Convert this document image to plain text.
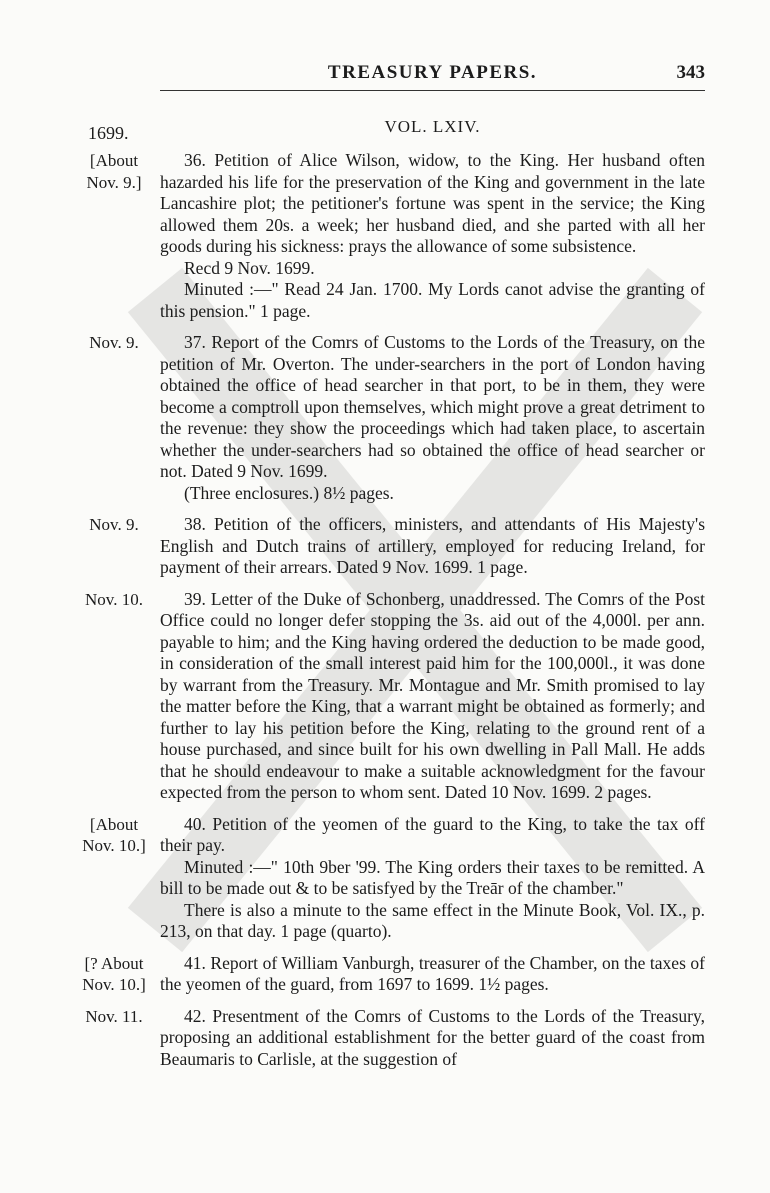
TREASURY PAPERS.	343
1699.	VOL. LXIV.
[About
Nov. 9.]

36. Petition of Alice Wilson, widow, to the King. Her husband often hazarded his life for the preservation of the King and government in the late Lancashire plot; the petitioner's fortune was spent in the service; the King allowed them 20s. a week; her husband died, and she parted with all her goods during his sickness: prays the allowance of some subsistence.

Recd 9 Nov. 1699.

Minuted :—" Read 24 Jan. 1700. My Lords canot advise the granting of this pension." 1 page.

Nov. 9.	37. Report of the Comrs of Customs to the Lords of the Treasury, on the petition of Mr. Overton. The under-searchers in the port of London having obtained the office of head searcher in that port, to be in them, they were become a comptroll upon themselves, which might prove a great detriment to the revenue: they show the proceedings which had taken place, to ascertain whether the under-searchers had so obtained the office of head searcher or not. Dated 9 Nov. 1699.

(Three enclosures.) 8½ pages.

Nov. 9.	38. Petition of the officers, ministers, and attendants of His Majesty's English and Dutch trains of artillery, employed for reducing Ireland, for payment of their arrears. Dated 9 Nov. 1699. 1 page.

Nov. 10.	39. Letter of the Duke of Schonberg, unaddressed. The Comrs of the Post Office could no longer defer stopping the 3s. aid out of the 4,000l. per ann. payable to him; and the King having ordered the deduction to be made good, in consideration of the small interest paid him for the 100,000l., it was done by warrant from the Treasury. Mr. Montague and Mr. Smith promised to lay the matter before the King, that a warrant might be obtained as formerly; and further to lay his petition before the King, relating to the ground rent of a house purchased, and since built for his own dwelling in Pall Mall. He adds that he should endeavour to make a suitable acknowledgment for the favour expected from the person to whom sent. Dated 10 Nov. 1699. 2 pages.

[About
Nov. 10.]

40. Petition of the yeomen of the guard to the King, to take the tax off their pay.

Minuted :—" 10th 9ber '99. The King orders their taxes to be remitted. A bill to be made out & to be satisfyed by the Treār of the chamber."

There is also a minute to the same effect in the Minute Book, Vol. IX., p. 213, on that day. 1 page (quarto).

[? About
Nov. 10.]

41. Report of William Vanburgh, treasurer of the Chamber, on the taxes of the yeomen of the guard, from 1697 to 1699. 1½ pages.

Nov. 11.	42. Presentment of the Comrs of Customs to the Lords of the Treasury, proposing an additional establishment for the better guard of the coast from Beaumaris to Carlisle, at the suggestion of
